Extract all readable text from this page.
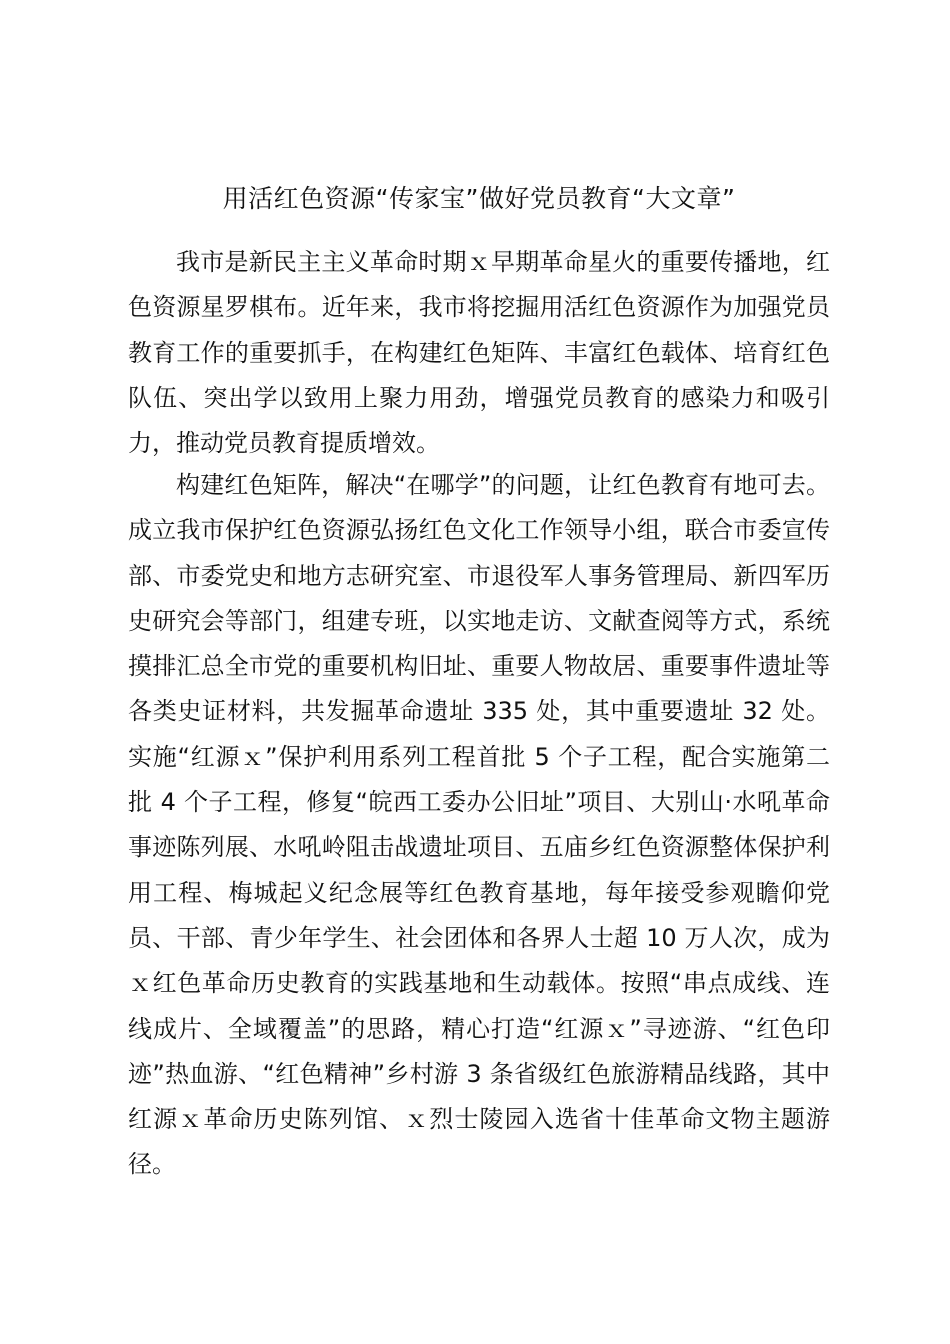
用活红色资源“传家宝”做好党员教育“大文章”

我市是新民主主义革命时期ｘ早期革命星火的重要传播地，红色资源星罗棋布。近年来，我市将挖掘用活红色资源作为加强党员教育工作的重要抓手，在构建红色矩阵、丰富红色载体、培育红色队伍、突出学以致用上聚力用劲，增强党员教育的感染力和吸引力，推动党员教育提质增效。

构建红色矩阵，解决“在哪学”的问题，让红色教育有地可去。成立我市保护红色资源弘扬红色文化工作领导小组，联合市委宣传部、市委党史和地方志研究室、市退役军人事务管理局、新四军历史研究会等部门，组建专班，以实地走访、文献查阅等方式，系统摸排汇总全市党的重要机构旧址、重要人物故居、重要事件遗址等各类史证材料，共发掘革命遗址 335 处，其中重要遗址 32 处。实施“红源ｘ”保护利用系列工程首批 5 个子工程，配合实施第二批 4 个子工程，修复“皖西工委办公旧址”项目、大别山·水吼革命事迹陈列展、水吼岭阻击战遗址项目、五庙乡红色资源整体保护利用工程、梅城起义纪念展等红色教育基地，每年接受参观瞻仰党员、干部、青少年学生、社会团体和各界人士超 10 万人次，成为ｘ红色革命历史教育的实践基地和生动载体。按照“串点成线、连线成片、全域覆盖”的思路，精心打造“红源ｘ”寻迹游、“红色印迹”热血游、“红色精神”乡村游 3 条省级红色旅游精品线路，其中红源ｘ革命历史陈列馆、ｘ烈士陵园入选省十佳革命文物主题游径。
